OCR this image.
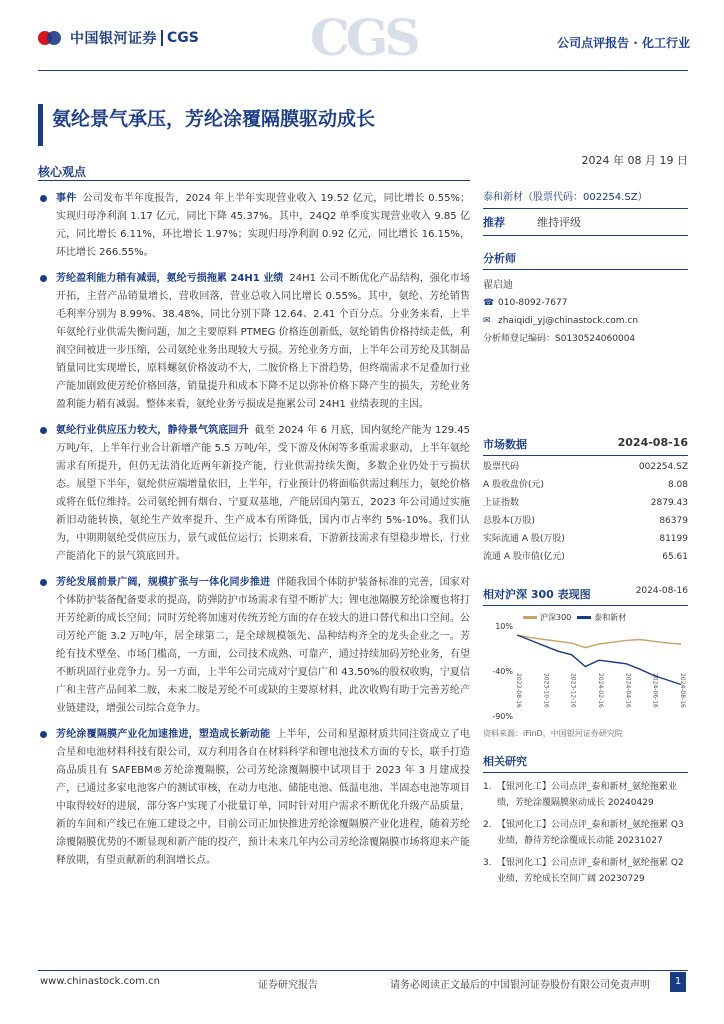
中国银河证券 CGS CGS	公司点评报告 · 化工行业
氨纶景气承压，芳纶涂覆隔膜驱动成长
2024 年 08 月 19 日
核心观点
事件 公司发布半年度报告，2024 年上半年实现营业收入 19.52 亿元，同比增长 0.55%；实现归母净利润 1.17 亿元，同比下降 45.37%。其中，24Q2 单季度实现营业收入 9.85 亿元，同比增长 6.11%，环比增长 1.97%；实现归母净利润 0.92 亿元，同比增长 16.15%，环比增长 266.55%。
芳纶盈利能力稍有减弱，氨纶亏损拖累 24H1 业绩 24H1 公司不断优化产品结构，强化市场开拓，主营产品销量增长，营收回落，营业总收入同比增长 0.55%。其中，氨纶、芳纶销售毛利率分别为 8.99%、38.48%，同比分别下降 12.64、2.41 个百分点。分业务来看，上半年氨纶行业供需失衡问题，加之主要原料 PTMEG 价格连创新低，氨纶销售价格持续走低，利润空间被进一步压缩，公司氨纶业务出现较大亏损。芳纶业务方面，上半年公司芳纶及其制品销量同比实现增长，原料螺氨价格波动不大，二胺价格上下滑趋势，但终端需求不足叠加行业产能加剧致使芳纶价格回落，销量提升和成本下降不足以弥补价格下降产生的损失，芳纶业务盈利能力稍有减弱。整体来看，氨纶业务亏损成是拖累公司 24H1 业绩表现的主因。
氨纶行业供应压力较大，静待景气筑底回升 截至 2024 年 6 月底，国内氨纶产能为 129.45 万吨/年，上半年行业合计新增产能 5.5 万吨/年，受下游及休闲等多重需求驱动，上半年氨纶需求有所提升，但仍无法消化近两年新投产能，行业供需持续失衡，多数企业仍处于亏损状态。展望下半年，氨纶供应端增量依旧，上半年，行业预计仍将面临供需过剩压力，氨纶价格或将在低位维持。公司氨纶拥有烟台、宁夏双基地，产能居国内第五，2023 年公司通过实施新旧动能转换，氨纶生产效率提升、生产成本有所降低，国内市占率约 5%-10%。我们认为，中期期氨纶受供应压力，景气或低位运行；长期来看，下游新技需求有望稳步增长，行业产能消化下的景气筑底回升。
芳纶发展前景广阔，规模扩张与一体化同步推进 伴随我国个体防护装备标准的完善，国家对个体防护装备配备要求的提高，防弹防护市场需求有望不断扩大；锂电池隔膜芳纶涂覆也将打开芳纶新的成长空间；同时芳纶将加速对传统芳纶方面的存在较大的进口替代和出口空间。公司芳纶产能 3.2 万吨/年，居全球第二，是全球规模领先、品种结构齐全的龙头企业之一。芳纶有技术壁垒、市场门槛高，一方面，公司技术成熟、可靠产，通过持续加码芳纶业务，有望不断巩固行业竞争力。另一方面，上半年公司完成对宁夏信广和 43.50%的股权收购，宁夏信广和主营产品间苯二胺，未来二胺是芳纶不可或缺的主要原材料，此次收购有助于完善芳纶产业链建设，增强公司综合竞争力。
芳纶涂覆隔膜产业化加速推进，塑造成长新动能 上半年，公司和星源材质共同注资成立了电合星和电池材料科技有限公司，双方利用各自在材料科学和锂电池技术方面的专长，联手打造高品质且有 SAFEBM®芳纶涂覆隔膜，公司芳纶涂覆隔膜中试项目于 2023 年 3 月建成投产，已通过多家电池客户的测试审核，在动力电池、储能电池、低温电池、半固态电池等项目中取得较好的进展，部分客户实现了小批量订单，同时针对用户需求不断优化升级产品质量，新的车间和产线已在施工建设之中，目前公司正加快推进芳纶涂覆隔膜产业化进程，随着芳纶涂覆隔膜优势的不断显现和新产能的投产，预计未来几年内公司芳纶涂覆隔膜市场将迎来产能释放期，有望贡献新的利润增长点。
泰和新材（股票代码：002254.SZ）
推荐	维持评级
分析师
翟启迪
☎ 010-8092-7677
✉ zhaiqidi_yj@chinastock.com.cn
分析师登记编码：S0130524060004
市场数据	2024-08-16
股票代码	002254.SZ
A 股收盘价(元)	8.08
上证指数	2879.43
总股本(万股)	86379
实际流通 A 股(万股)	81199
流通 A 股市值(亿元)	65.61
相对沪深 300 表现图	2024-08-16
沪深300	泰和新材
10%
-40%
-90%
2023-08-16	2023-10-16	2023-12-16	2024-02-16	2024-04-16	2024-06-16	2024-08-16
资料来源：iFinD，中国银河证券研究院
相关研究
1. 【银河化工】公司点评_泰和新材_氨纶拖累业绩，芳纶涂覆隔膜驱动成长 20240429
2. 【银河化工】公司点评_泰和新材_氨纶拖累 Q3 业绩，静待芳纶涂覆成长动能 20231027
3. 【银河化工】公司点评_泰和新材_氨纶拖累 Q2 业绩，芳纶成长空间广阔 20230729
www.chinastock.com.cn	证券研究报告	请务必阅读正文最后的中国银河证券股份有限公司免责声明	1
